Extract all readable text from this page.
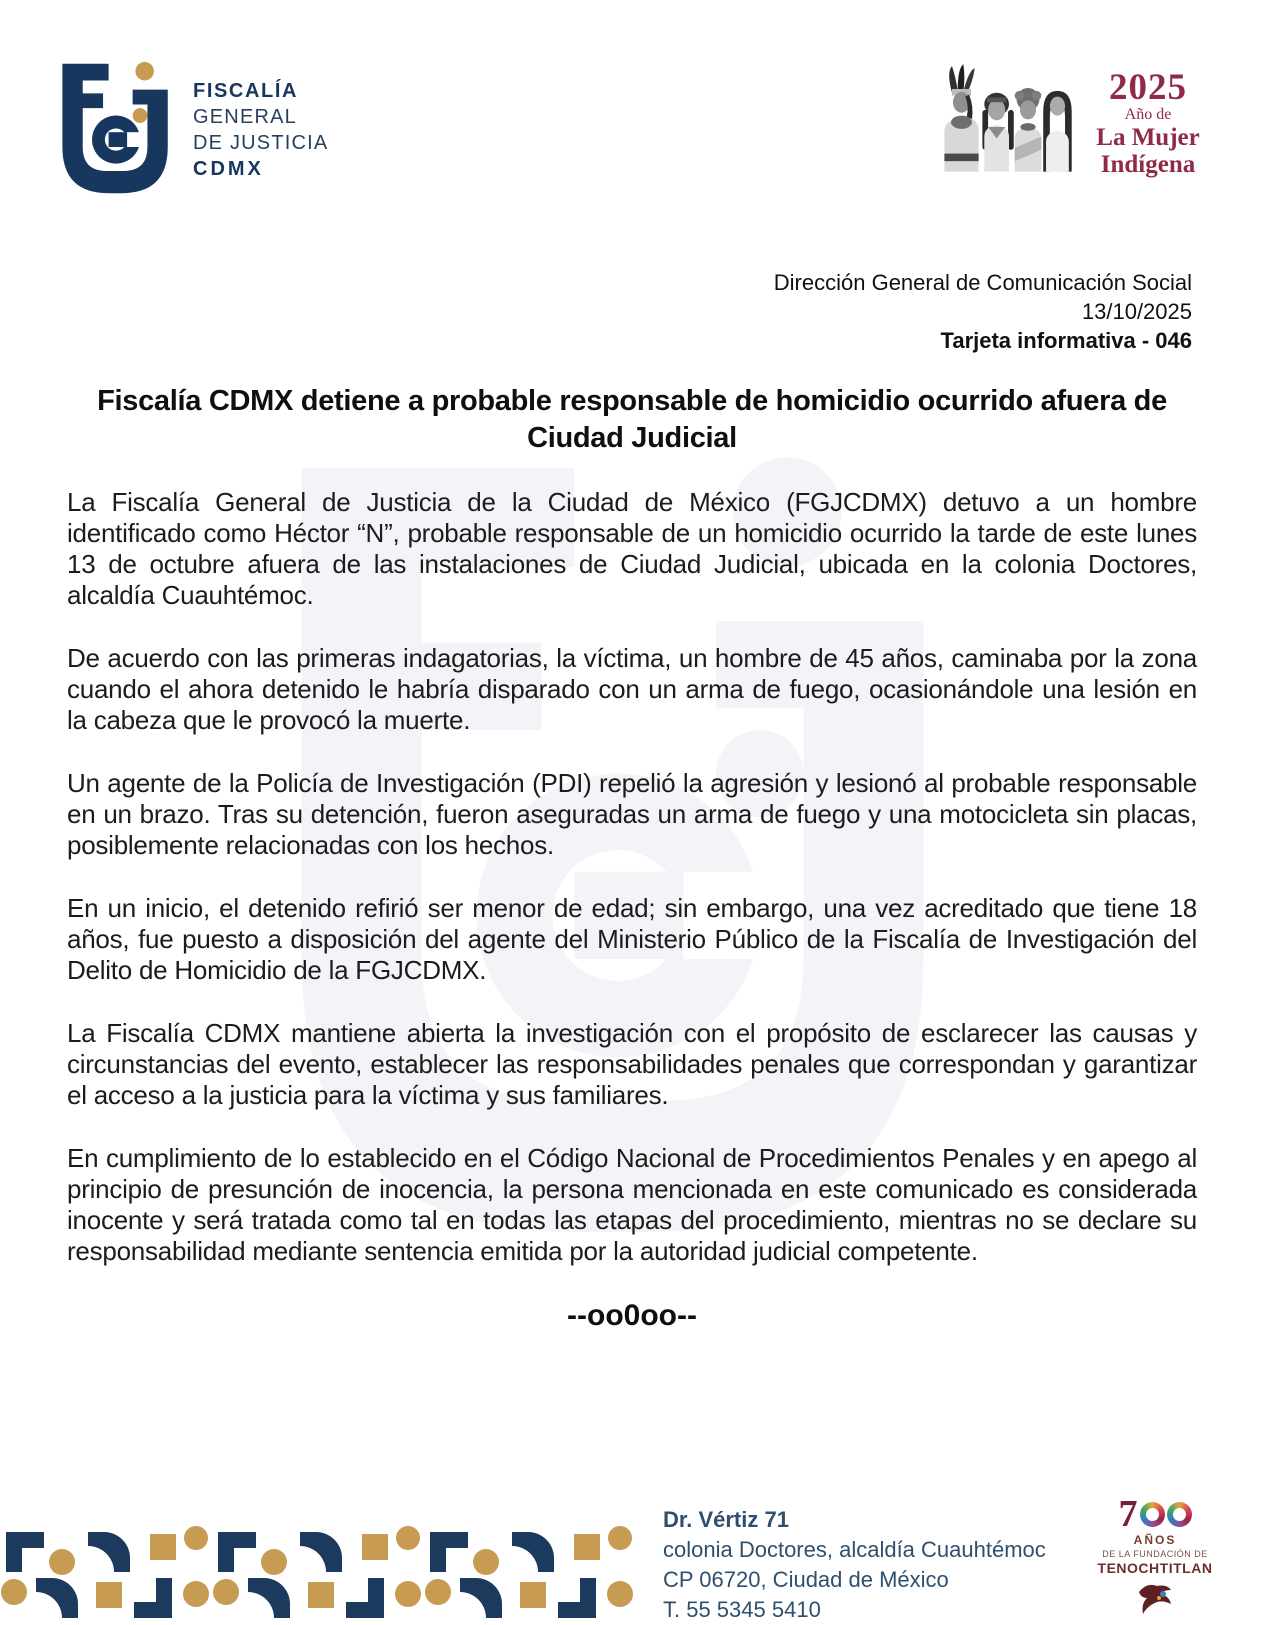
FISCALÍA
GENERAL
DE JUSTICIA
CDMX
2025
Año de
La Mujer
Indígena
Dirección General de Comunicación Social
13/10/2025
Tarjeta informativa - 046
Fiscalía CDMX detiene a probable responsable de homicidio ocurrido afuera de
Ciudad Judicial

La Fiscalía General de Justicia de la Ciudad de México (FGJCDMX) detuvo a un hombre identificado como Héctor “N”, probable responsable de un homicidio ocurrido la tarde de este lunes 13 de octubre afuera de las instalaciones de Ciudad Judicial, ubicada en la colonia Doctores, alcaldía Cuauhtémoc.

De acuerdo con las primeras indagatorias, la víctima, un hombre de 45 años, caminaba por la zona cuando el ahora detenido le habría disparado con un arma de fuego, ocasionándole una lesión en la cabeza que le provocó la muerte.

Un agente de la Policía de Investigación (PDI) repelió la agresión y lesionó al probable responsable en un brazo. Tras su detención, fueron aseguradas un arma de fuego y una motocicleta sin placas, posiblemente relacionadas con los hechos.

En un inicio, el detenido refirió ser menor de edad; sin embargo, una vez acreditado que tiene 18 años, fue puesto a disposición del agente del Ministerio Público de la Fiscalía de Investigación del Delito de Homicidio de la FGJCDMX.

La Fiscalía CDMX mantiene abierta la investigación con el propósito de esclarecer las causas y circunstancias del evento, establecer las responsabilidades penales que correspondan y garantizar el acceso a la justicia para la víctima y sus familiares.

En cumplimiento de lo establecido en el Código Nacional de Procedimientos Penales y en apego al principio de presunción de inocencia, la persona mencionada en este comunicado es considerada inocente y será tratada como tal en todas las etapas del procedimiento, mientras no se declare su responsabilidad mediante sentencia emitida por la autoridad judicial competente.

--oo0oo--
Dr. Vértiz 71
colonia Doctores, alcaldía Cuauhtémoc
CP 06720, Ciudad de México
T. 55 5345 5410
7
AÑOS
DE LA FUNDACIÓN DE
TENOCHTITLAN
